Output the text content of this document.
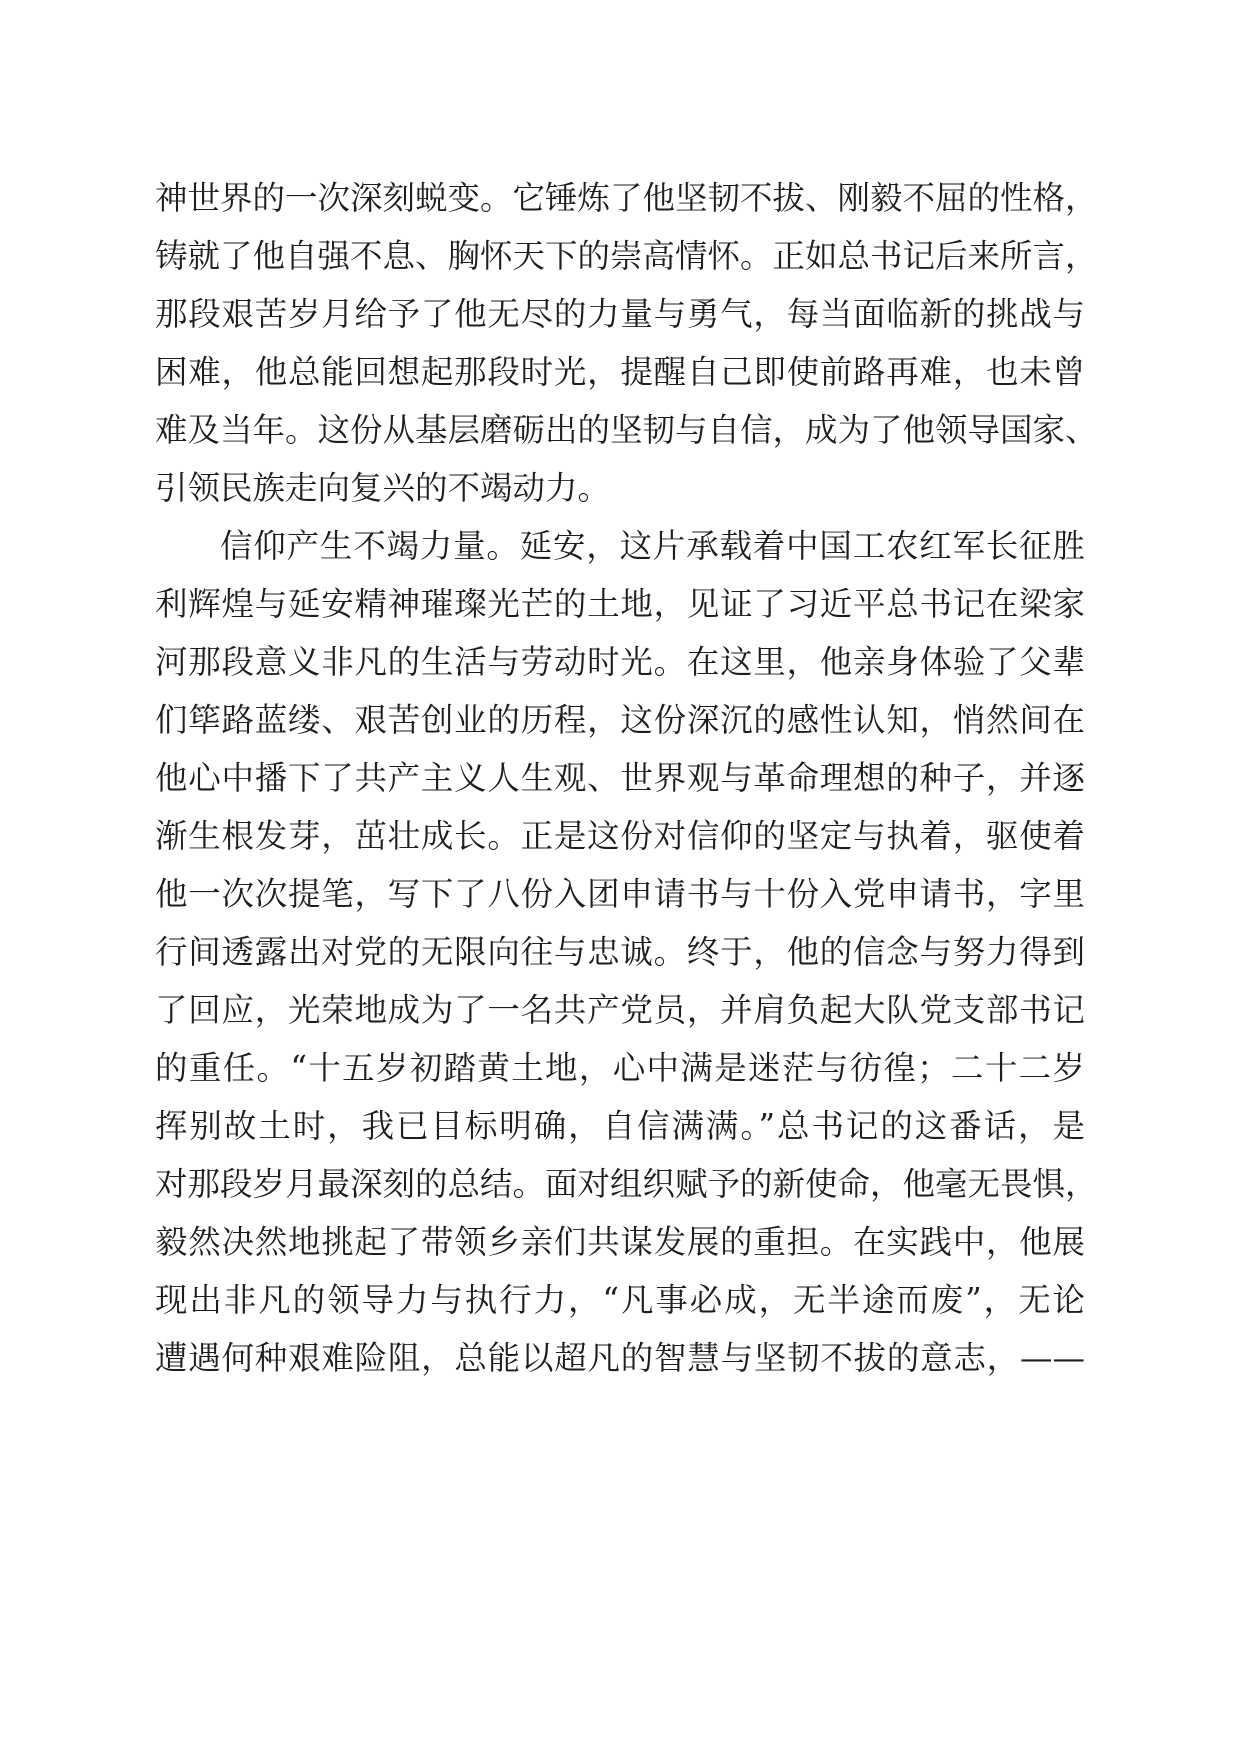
神世界的一次深刻蜕变。它锤炼了他坚韧不拔、刚毅不屈的性格，
铸就了他自强不息、胸怀天下的崇高情怀。正如总书记后来所言，
那段艰苦岁月给予了他无尽的力量与勇气，每当面临新的挑战与
困难，他总能回想起那段时光，提醒自己即使前路再难，也未曾
难及当年。这份从基层磨砺出的坚韧与自信，成为了他领导国家、
引领民族走向复兴的不竭动力。
信仰产生不竭力量。延安，这片承载着中国工农红军长征胜
利辉煌与延安精神璀璨光芒的土地，见证了习近平总书记在梁家
河那段意义非凡的生活与劳动时光。在这里，他亲身体验了父辈
们筚路蓝缕、艰苦创业的历程，这份深沉的感性认知，悄然间在
他心中播下了共产主义人生观、世界观与革命理想的种子，并逐
渐生根发芽，茁壮成长。正是这份对信仰的坚定与执着，驱使着
他一次次提笔，写下了八份入团申请书与十份入党申请书，字里
行间透露出对党的无限向往与忠诚。终于，他的信念与努力得到
了回应，光荣地成为了一名共产党员，并肩负起大队党支部书记
的重任。“十五岁初踏黄土地，心中满是迷茫与彷徨；二十二岁
挥别故土时，我已目标明确，自信满满。”总书记的这番话，是
对那段岁月最深刻的总结。面对组织赋予的新使命，他毫无畏惧，
毅然决然地挑起了带领乡亲们共谋发展的重担。在实践中，他展
现出非凡的领导力与执行力，“凡事必成，无半途而废”，无论
遭遇何种艰难险阻，总能以超凡的智慧与坚韧不拔的意志，——
